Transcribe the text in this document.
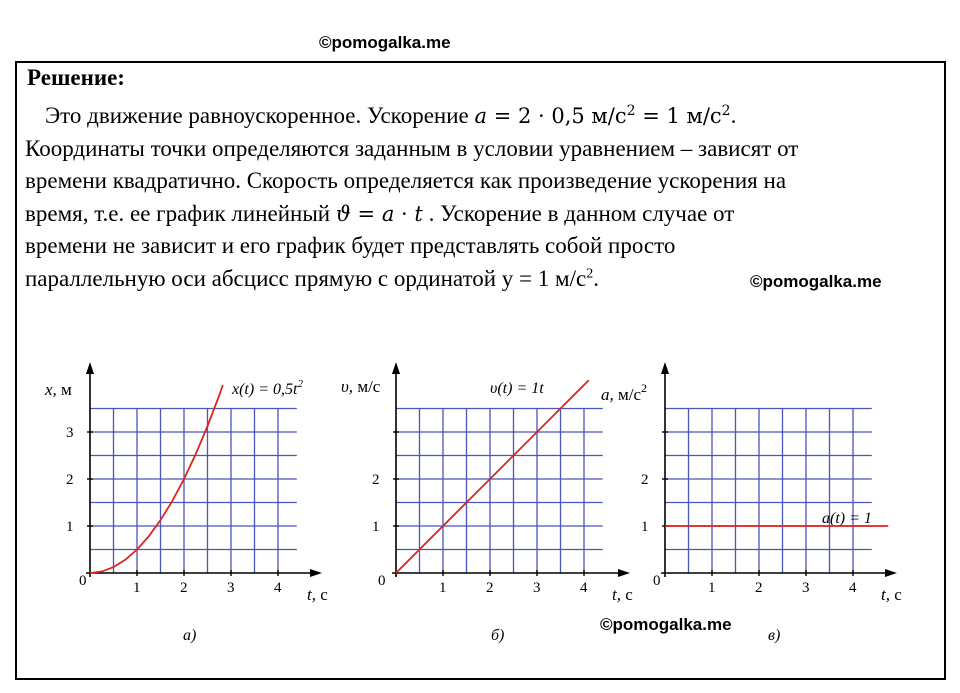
©pomogalka.me
©pomogalka.me
©pomogalka.me
Решение:
Это движение равноускоренное. Ускорение a = 2 · 0,5 $м/с^2 = 1$ $м/с^2$.
Координаты точки определяются заданным в условии уравнением – зависят от
времени квадратично. Скорость определяется как произведение ускорения на
время, т.е. ее график линейный ϑ = a · t . Ускорение в данном случае от
времени не зависит и его график будет представлять собой просто
параллельную оси абсцисс прямую с ординатой y = 1 $м/с^2$.
1	2	3	4
1
2
3
0
x, м
t, с
а)
$x(t) = 0,5t^2$
1	2	3	4
1
2
0
υ, м/с
t, с
б)
υ(t) = 1t
1	2	3	4
1
2
0
a, $м/с^2$
t, с
в)
a(t) = 1
